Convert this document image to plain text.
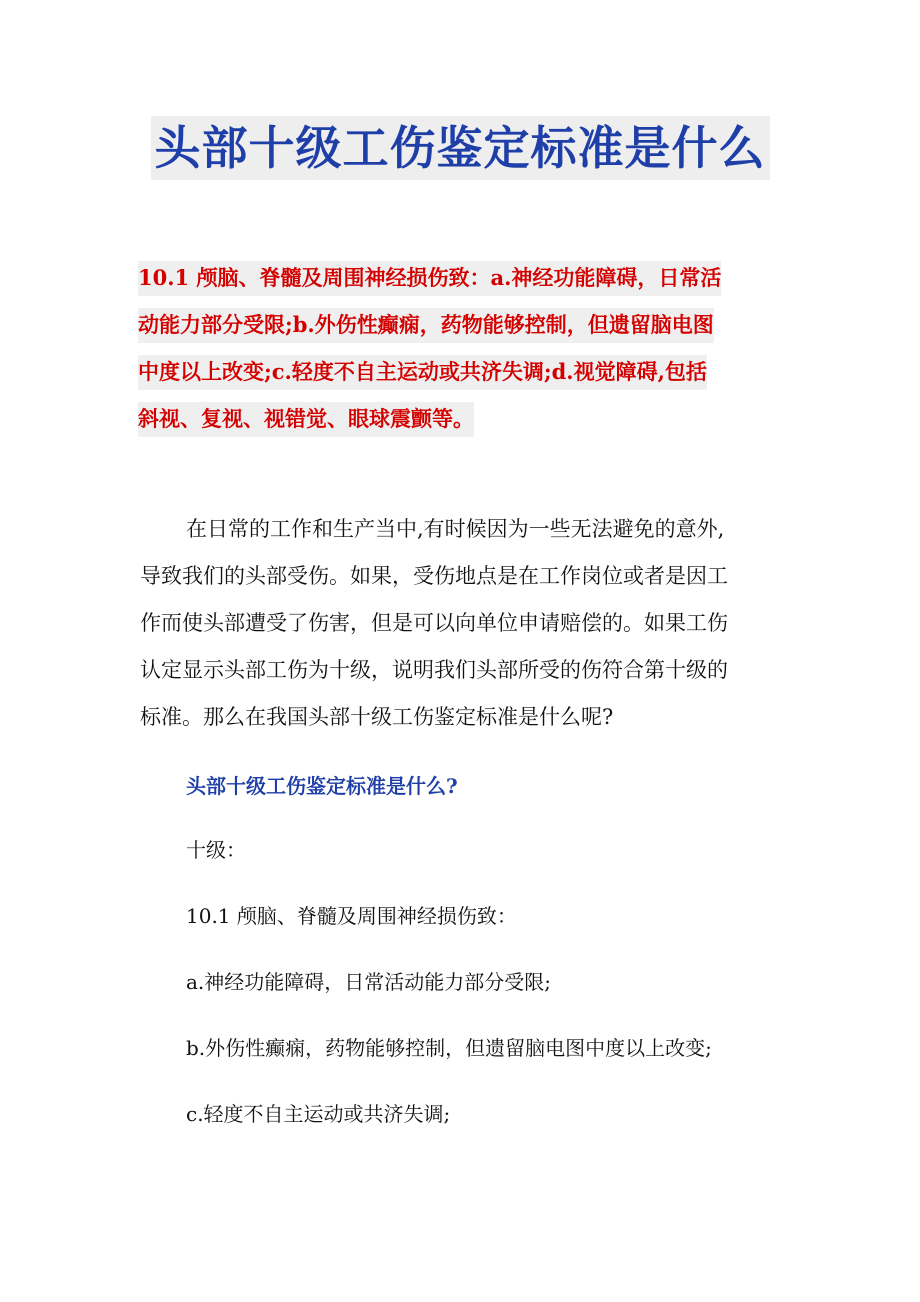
头部十级工伤鉴定标准是什么
10.1 颅脑、脊髓及周围神经损伤致：a.神经功能障碍，日常活
动能力部分受限;b.外伤性癫痫，药物能够控制，但遗留脑电图
中度以上改变;c.轻度不自主运动或共济失调;d.视觉障碍,包括
斜视、复视、视错觉、眼球震颤等。
在日常的工作和生产当中,有时候因为一些无法避免的意外,
导致我们的头部受伤。如果，受伤地点是在工作岗位或者是因工
作而使头部遭受了伤害，但是可以向单位申请赔偿的。如果工伤
认定显示头部工伤为十级，说明我们头部所受的伤符合第十级的
标准。那么在我国头部十级工伤鉴定标准是什么呢?
头部十级工伤鉴定标准是什么?
十级：
10.1 颅脑、脊髓及周围神经损伤致：
a.神经功能障碍，日常活动能力部分受限;
b.外伤性癫痫，药物能够控制，但遗留脑电图中度以上改变;
c.轻度不自主运动或共济失调;
